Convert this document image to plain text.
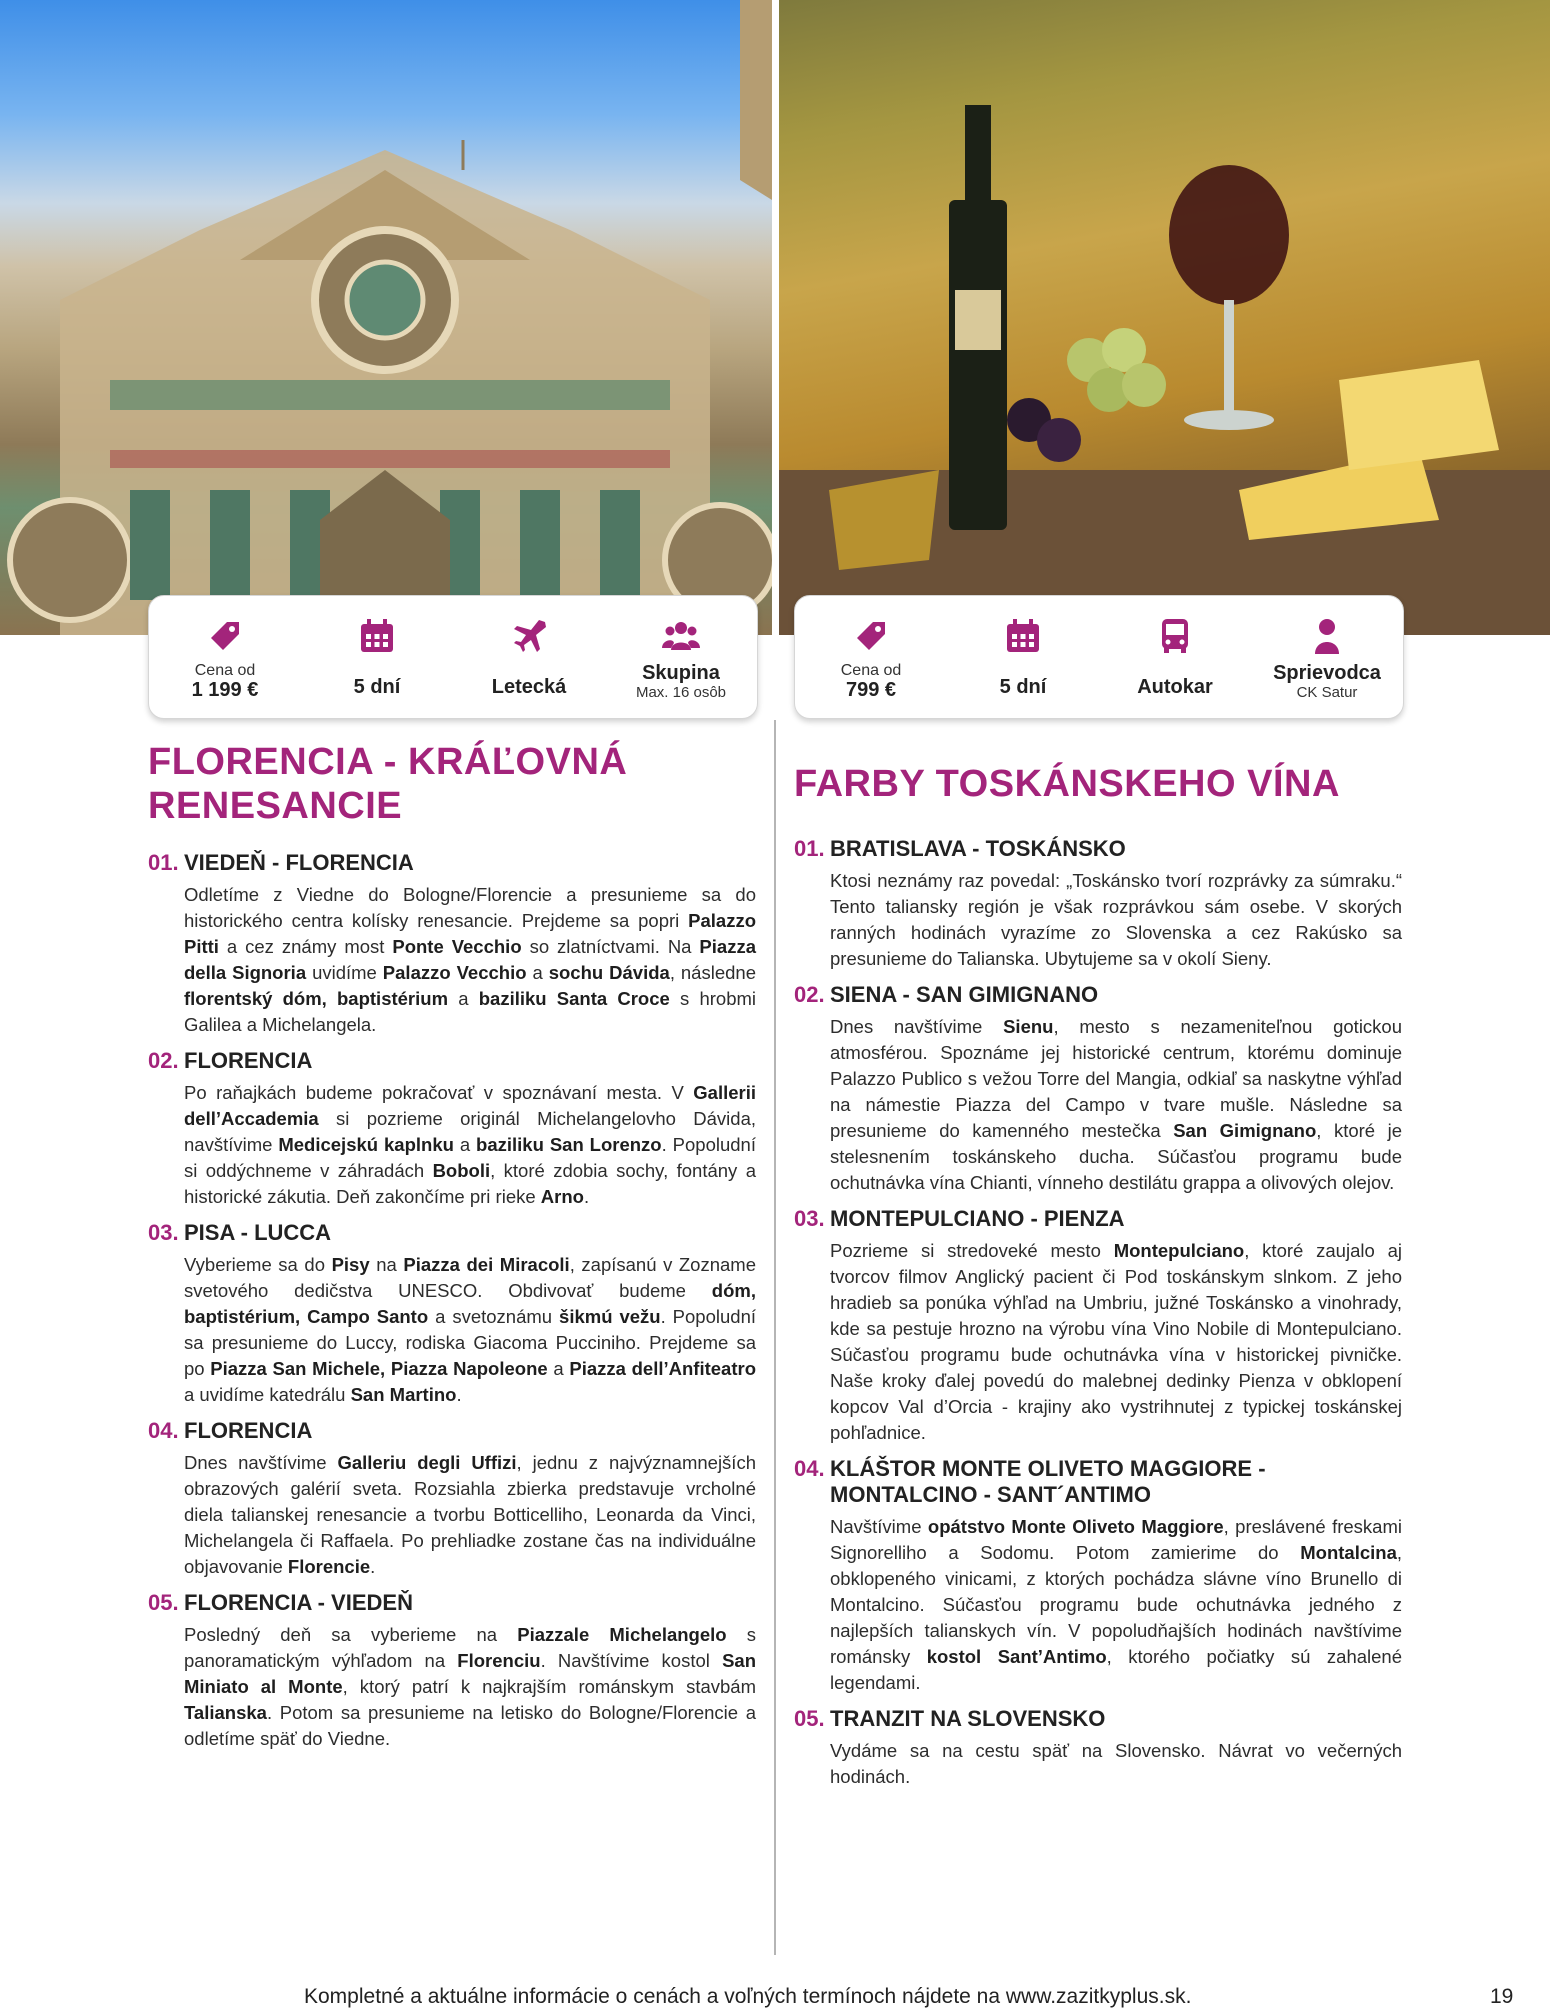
Cena od
1 199 €	5 dní	Letecká
Skupina
Max. 16 osôb
Cena od
799 €	5 dní	Autokar
Sprievodca
CK Satur
FLORENCIA - KRÁĽOVNÁ
RENESANCIE
01. VIEDEŇ - FLORENCIA
Odletíme z Viedne do Bologne/Florencie a presunieme sa do historického centra kolísky renesancie. Prejdeme sa popri Palazzo Pitti a cez známy most Ponte Vecchio so zlatníctvami. Na Piazza della Signoria uvidíme Palazzo Vecchio a sochu Dávida, následne florentský dóm, baptistérium a baziliku Santa Croce s hrobmi Galilea a Michelangela.
02. FLORENCIA
Po raňajkách budeme pokračovať v spoznávaní mesta. V Gallerii dell’Accademia si pozrieme originál Michelangelovho Dávida, navštívime Medicejskú kaplnku a baziliku San Lorenzo. Popoludní si oddýchneme v záhradách Boboli, ktoré zdobia sochy, fontány a historické zákutia. Deň zakončíme pri rieke Arno.
03. PISA - LUCCA
Vyberieme sa do Pisy na Piazza dei Miracoli, zapísanú v Zozname svetového dedičstva UNESCO. Obdivovať budeme dóm, baptistérium, Campo Santo a svetoznámu šikmú vežu. Popoludní sa presunieme do Luccy, rodiska Giacoma Pucciniho. Prejdeme sa po Piazza San Michele, Piazza Napoleone a Piazza dell’Anfiteatro a uvidíme katedrálu San Martino.
04. FLORENCIA
Dnes navštívime Galleriu degli Uffizi, jednu z najvýznamnejších obrazových galérií sveta. Rozsiahla zbierka predstavuje vrcholné diela talianskej renesancie a tvorbu Botticelliho, Leonarda da Vinci, Michelangela či Raffaela. Po prehliadke zostane čas na individuálne objavovanie Florencie.
05. FLORENCIA - VIEDEŇ
Posledný deň sa vyberieme na Piazzale Michelangelo s panoramatickým výhľadom na Florenciu. Navštívime kostol San Miniato al Monte, ktorý patrí k najkrajším románskym stavbám Talianska. Potom sa presunieme na letisko do Bologne/Florencie a odletíme späť do Viedne.
FARBY TOSKÁNSKEHO VÍNA
01. BRATISLAVA - TOSKÁNSKO
Ktosi neznámy raz povedal: „Toskánsko tvorí rozprávky za súmraku.“ Tento taliansky región je však rozprávkou sám osebe. V skorých ranných hodinách vyrazíme zo Slovenska a cez Rakúsko sa presunieme do Talianska. Ubytujeme sa v okolí Sieny.
02. SIENA - SAN GIMIGNANO
Dnes navštívime Sienu, mesto s nezameniteľnou gotickou atmosférou. Spoznáme jej historické centrum, ktorému dominuje Palazzo Publico s vežou Torre del Mangia, odkiaľ sa naskytne výhľad na námestie Piazza del Campo v tvare mušle. Následne sa presunieme do kamenného mestečka San Gimignano, ktoré je stelesnením toskánskeho ducha. Súčasťou programu bude ochutnávka vína Chianti, vínneho destilátu grappa a olivových olejov.
03. MONTEPULCIANO - PIENZA
Pozrieme si stredoveké mesto Montepulciano, ktoré zaujalo aj tvorcov filmov Anglický pacient či Pod toskánskym slnkom. Z jeho hradieb sa ponúka výhľad na Umbriu, južné Toskánsko a vinohrady, kde sa pestuje hrozno na výrobu vína Vino Nobile di Montepulciano. Súčasťou programu bude ochutnávka vína v historickej pivničke. Naše kroky ďalej povedú do malebnej dedinky Pienza v obklopení kopcov Val d’Orcia - krajiny ako vystrihnutej z typickej toskánskej pohľadnice.
04. KLÁŠTOR MONTE OLIVETO MAGGIORE - MONTALCINO - SANT´ANTIMO
Navštívime opátstvo Monte Oliveto Maggiore, preslávené freskami Signorelliho a Sodomu. Potom zamierime do Montalcina, obklopeného vinicami, z ktorých pochádza slávne víno Brunello di Montalcino. Súčasťou programu bude ochutnávka jedného z najlepších talianskych vín. V popoludňajších hodinách navštívime románsky kostol Sant’Antimo, ktorého počiatky sú zahalené legendami.
05. TRANZIT NA SLOVENSKO
Vydáme sa na cestu späť na Slovensko. Návrat vo večerných hodinách.
Kompletné a aktuálne informácie o cenách a voľných termínoch nájdete na www.zazitkyplus.sk.	19
